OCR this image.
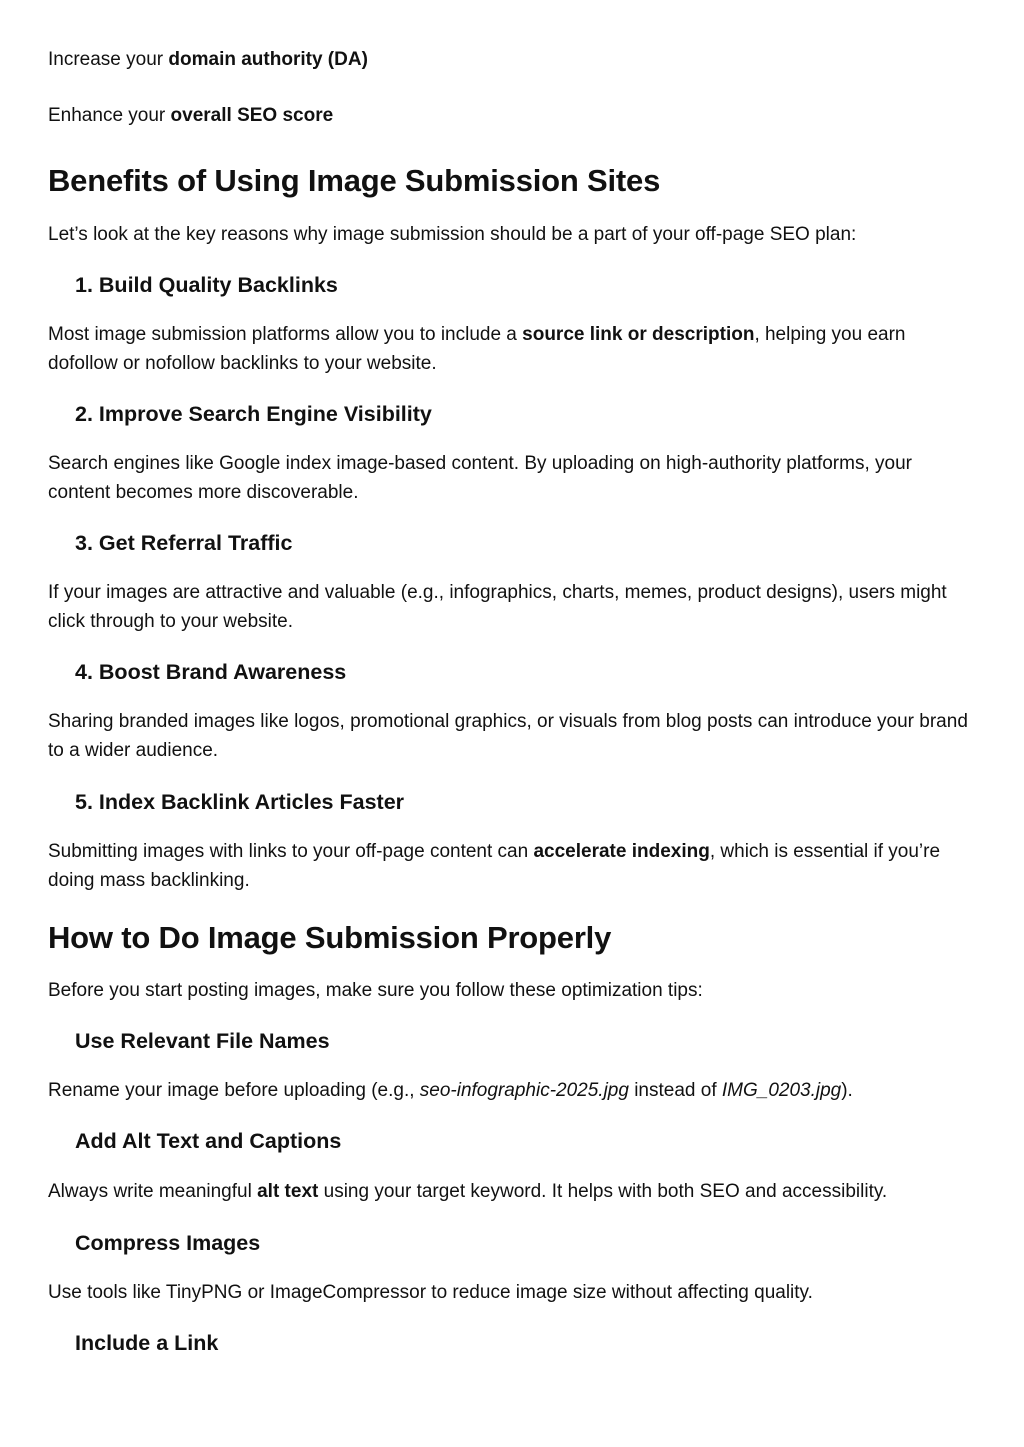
Increase your domain authority (DA)

Enhance your overall SEO score

Benefits of Using Image Submission Sites

Let’s look at the key reasons why image submission should be a part of your off-page SEO plan:

1. Build Quality Backlinks

Most image submission platforms allow you to include a source link or description, helping you earn dofollow or nofollow backlinks to your website.

2. Improve Search Engine Visibility

Search engines like Google index image-based content. By uploading on high-authority platforms, your content becomes more discoverable.

3. Get Referral Traffic

If your images are attractive and valuable (e.g., infographics, charts, memes, product designs), users might click through to your website.

4. Boost Brand Awareness

Sharing branded images like logos, promotional graphics, or visuals from blog posts can introduce your brand to a wider audience.

5. Index Backlink Articles Faster

Submitting images with links to your off-page content can accelerate indexing, which is essential if you’re doing mass backlinking.

How to Do Image Submission Properly

Before you start posting images, make sure you follow these optimization tips:

Use Relevant File Names

Rename your image before uploading (e.g., seo-infographic-2025.jpg instead of IMG_0203.jpg).

Add Alt Text and Captions

Always write meaningful alt text using your target keyword. It helps with both SEO and accessibility.

Compress Images

Use tools like TinyPNG or ImageCompressor to reduce image size without affecting quality.

Include a Link
